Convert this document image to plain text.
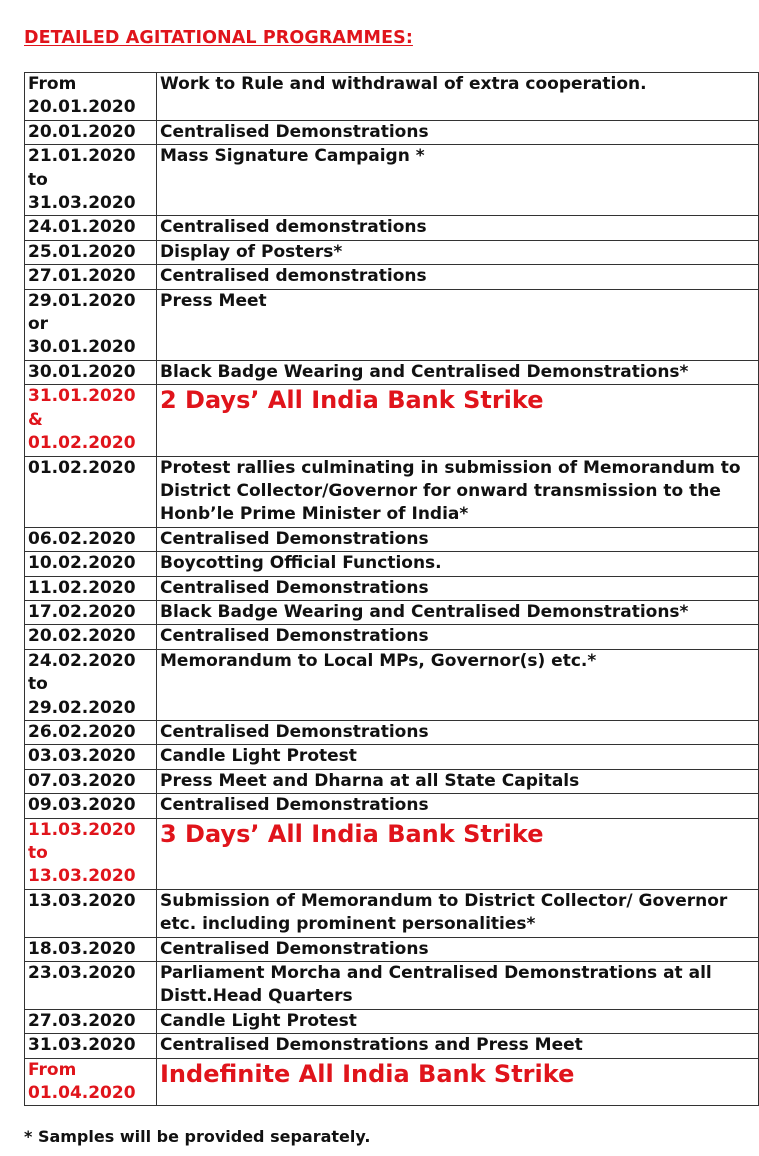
DETAILED AGITATIONAL PROGRAMMES:
From 20.01.2020	Work to Rule and withdrawal of extra cooperation.
20.01.2020	Centralised Demonstrations
21.01.2020 to 31.03.2020	Mass Signature Campaign *
24.01.2020	Centralised demonstrations
25.01.2020	Display of Posters*
27.01.2020	Centralised demonstrations
29.01.2020 or 30.01.2020	Press Meet
30.01.2020	Black Badge Wearing and Centralised Demonstrations*
31.01.2020 & 01.02.2020	2 Days’ All India Bank Strike
01.02.2020	Protest rallies culminating in submission of Memorandum to District Collector/Governor for onward transmission to the Honb’le Prime Minister of India*
06.02.2020	Centralised Demonstrations
10.02.2020	Boycotting Official Functions.
11.02.2020	Centralised Demonstrations
17.02.2020	Black Badge Wearing and Centralised Demonstrations*
20.02.2020	Centralised Demonstrations
24.02.2020 to 29.02.2020	Memorandum to Local MPs, Governor(s) etc.*
26.02.2020	Centralised Demonstrations
03.03.2020	Candle Light Protest
07.03.2020	Press Meet and Dharna at all State Capitals
09.03.2020	Centralised Demonstrations
11.03.2020 to 13.03.2020	3 Days’ All India Bank Strike
13.03.2020	Submission of Memorandum to District Collector/ Governor etc. including prominent personalities*
18.03.2020	Centralised Demonstrations
23.03.2020	Parliament Morcha and Centralised Demonstrations at all Distt.Head Quarters
27.03.2020	Candle Light Protest
31.03.2020	Centralised Demonstrations and Press Meet
From 01.04.2020	Indefinite All India Bank Strike
* Samples will be provided separately.
